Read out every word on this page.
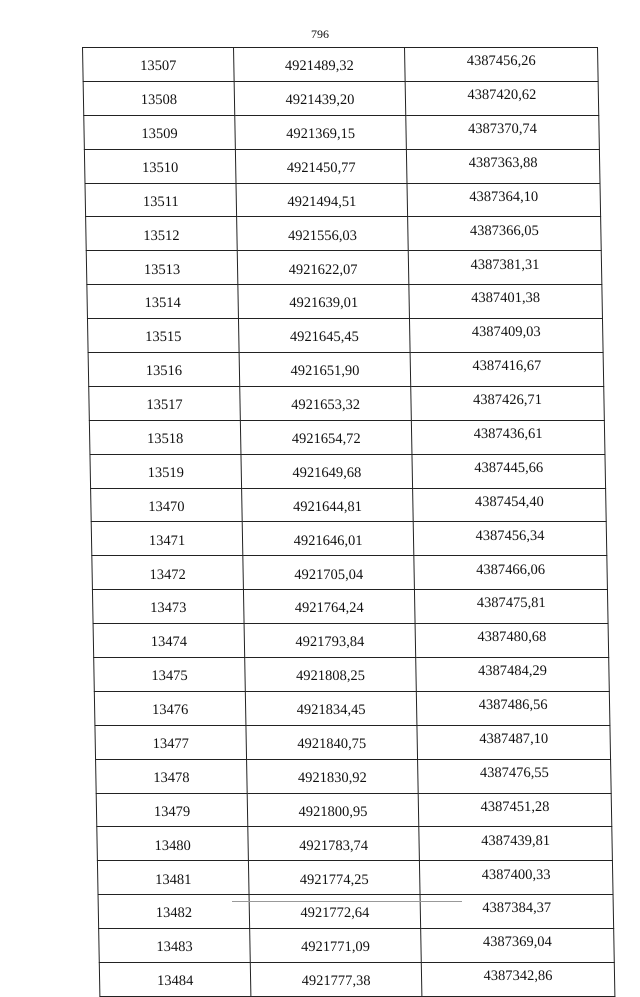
796
13507	4921489,32	4387456,26
13508	4921439,20	4387420,62
13509	4921369,15	4387370,74
13510	4921450,77	4387363,88
13511	4921494,51	4387364,10
13512	4921556,03	4387366,05
13513	4921622,07	4387381,31
13514	4921639,01	4387401,38
13515	4921645,45	4387409,03
13516	4921651,90	4387416,67
13517	4921653,32	4387426,71
13518	4921654,72	4387436,61
13519	4921649,68	4387445,66
13470	4921644,81	4387454,40
13471	4921646,01	4387456,34
13472	4921705,04	4387466,06
13473	4921764,24	4387475,81
13474	4921793,84	4387480,68
13475	4921808,25	4387484,29
13476	4921834,45	4387486,56
13477	4921840,75	4387487,10
13478	4921830,92	4387476,55
13479	4921800,95	4387451,28
13480	4921783,74	4387439,81
13481	4921774,25	4387400,33
13482	4921772,64	4387384,37
13483	4921771,09	4387369,04
13484	4921777,38	4387342,86
